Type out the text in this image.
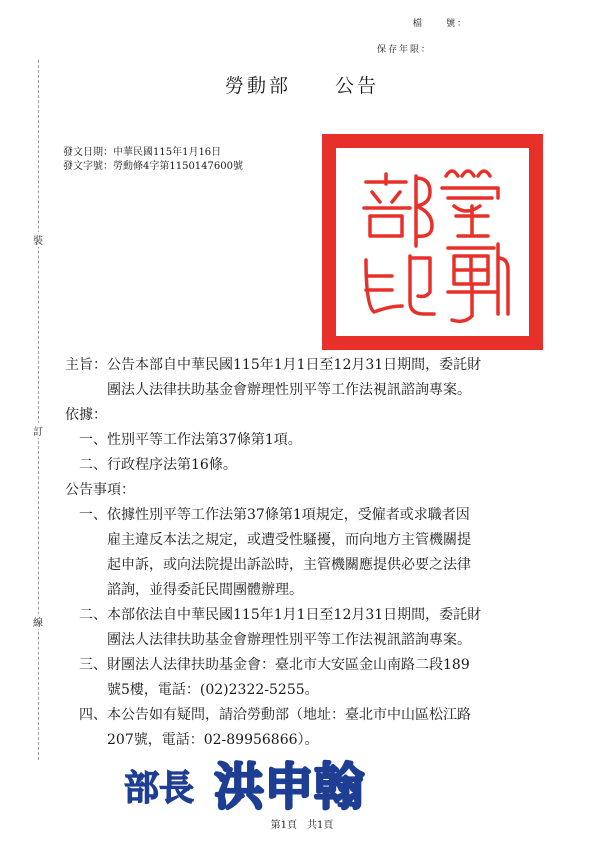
檔　　號：
保存年限：
裝
訂
線
勞動部 公告
發文日期：中華民國115年1月16日
發文字號：勞動條4字第1150147600號
主旨：公告本部自中華民國115年1月1日至12月31日期間，委託財
團法人法律扶助基金會辦理性別平等工作法視訊諮詢專案。
依據：
一、性別平等工作法第37條第1項。
二、行政程序法第16條。
公告事項：
一、 依據性別平等工作法第37條第1項規定，受僱者或求職者因
雇主違反本法之規定，或遭受性騷擾，而向地方主管機關提
起申訴，或向法院提出訴訟時，主管機關應提供必要之法律
諮詢，並得委託民間團體辦理。
二、 本部依法自中華民國115年1月1日至12月31日期間，委託財
團法人法律扶助基金會辦理性別平等工作法視訊諮詢專案。
三、 財團法人法律扶助基金會：臺北市大安區金山南路二段189
號5樓，電話：(02)2322-5255。
四、 本公告如有疑問，請洽勞動部（地址：臺北市中山區松江路
207號，電話：02-89956866）。
部長 洪申翰
第1頁　共1頁
